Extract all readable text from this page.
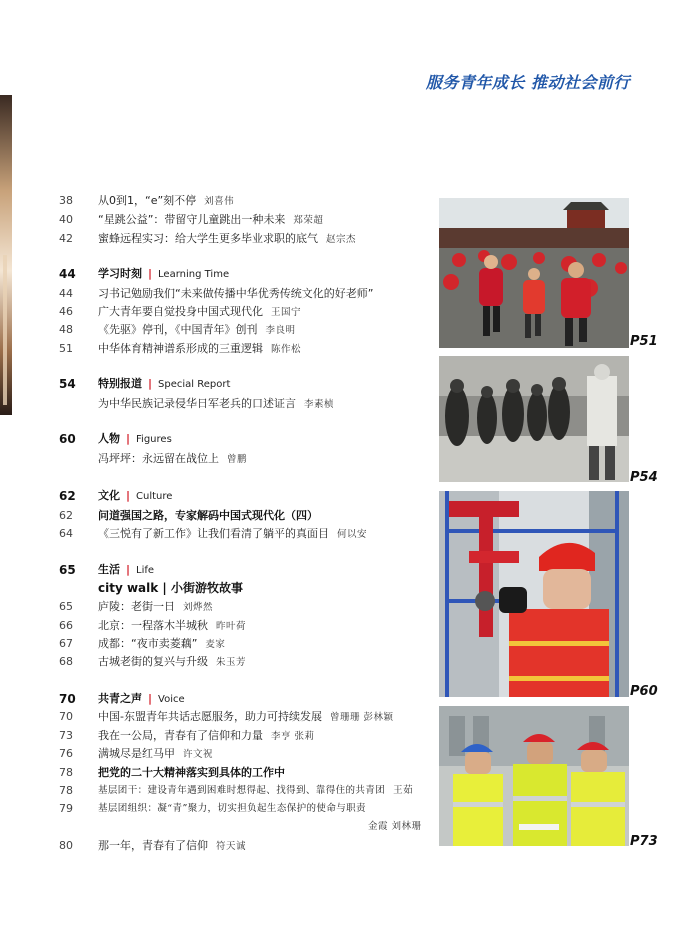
服务青年成长 推动社会前行
38	从0到1，“e”刻不停 刘喜伟
40	“星跳公益”：带留守儿童跳出一种未来 郑荣超
42	蜜蜂远程实习：给大学生更多毕业求职的底气 赵宗杰
44	学习时刻 | Learning Time
44	习书记勉励我们“未来做传播中华优秀传统文化的好老师”
46	广大青年要自觉投身中国式现代化 王国宁
48	《先驱》停刊，《中国青年》创刊 李良明
51	中华体育精神谱系形成的三重逻辑 陈作松
54	特别报道 | Special Report
为中华民族记录侵华日军老兵的口述证言 李素桢
60	人物 | Figures
冯坪坪：永远留在战位上 曾鹏
62	文化 | Culture
62	问道强国之路，专家解码中国式现代化（四）
64	《三悦有了新工作》让我们看清了躺平的真面目 何以安
65	生活 | Life
city walk | 小街游牧故事
65	庐陵：老街一日 刘烨然
66	北京：一程落木半城秋 昨叶荷
67	成都：“夜市卖菱藕” 麦家
68	古城老街的复兴与升级 朱玉芳
70	共青之声 | Voice
70	中国-东盟青年共话志愿服务，助力可持续发展 曾珊珊 彭林颖
73	我在一公局，青春有了信仰和力量 李亨 张莉
76	满城尽是红马甲 许文祝
78	把党的二十大精神落实到具体的工作中
78	基层团干：建设青年遇到困难时想得起、找得到、靠得住的共青团 王茹
79	基层团组织：凝“青”聚力，切实担负起生态保护的使命与职责
金霞 刘林珊
80	那一年，青春有了信仰 符天诚
P51
P54
P60
P73
